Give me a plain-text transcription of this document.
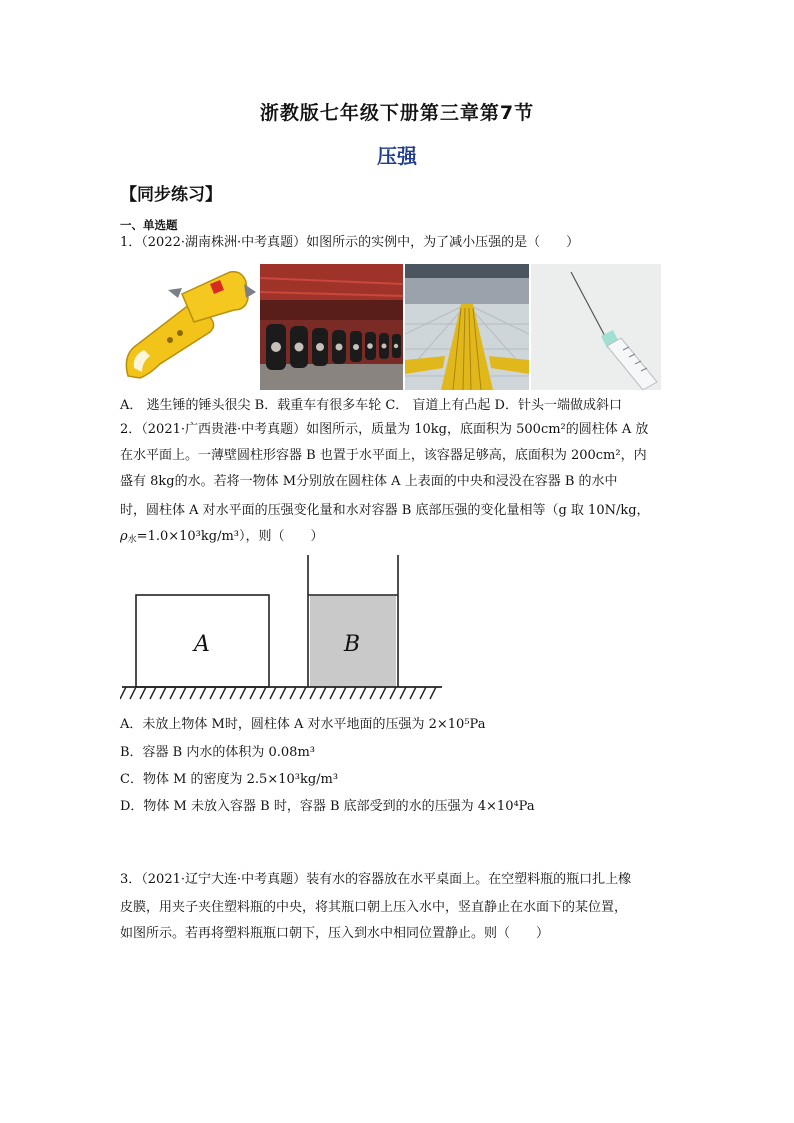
浙教版七年级下册第三章第7节
压强
【同步练习】
一、单选题
1．（2022·湖南株洲·中考真题）如图所示的实例中，为了减小压强的是（　　）
A． 逃生锤的锤头很尖 B．载重车有很多车轮 C． 盲道上有凸起 D．针头一端做成斜口
2．（2021·广西贵港·中考真题）如图所示，质量为 10kg，底面积为 500cm²的圆柱体 A 放
在水平面上。一薄壁圆柱形容器 B 也置于水平面上，该容器足够高，底面积为 200cm²，内
盛有 8kg的水。若将一物体 M分别放在圆柱体 A 上表面的中央和浸没在容器 B 的水中
时，圆柱体 A 对水平面的压强变化量和水对容器 B 底部压强的变化量相等（g 取 10N/kg，
ρ水=1.0×10³kg/m³），则（　　）
A	B
A．未放上物体 M时，圆柱体 A 对水平地面的压强为 2×10⁵Pa
B．容器 B 内水的体积为 0.08m³
C．物体 M 的密度为 2.5×10³kg/m³
D．物体 M 未放入容器 B 时，容器 B 底部受到的水的压强为 4×10⁴Pa
3．（2021·辽宁大连·中考真题）装有水的容器放在水平桌面上。在空塑料瓶的瓶口扎上橡
皮膜，用夹子夹住塑料瓶的中央，将其瓶口朝上压入水中，竖直静止在水面下的某位置，
如图所示。若再将塑料瓶瓶口朝下，压入到水中相同位置静止。则（　　）
